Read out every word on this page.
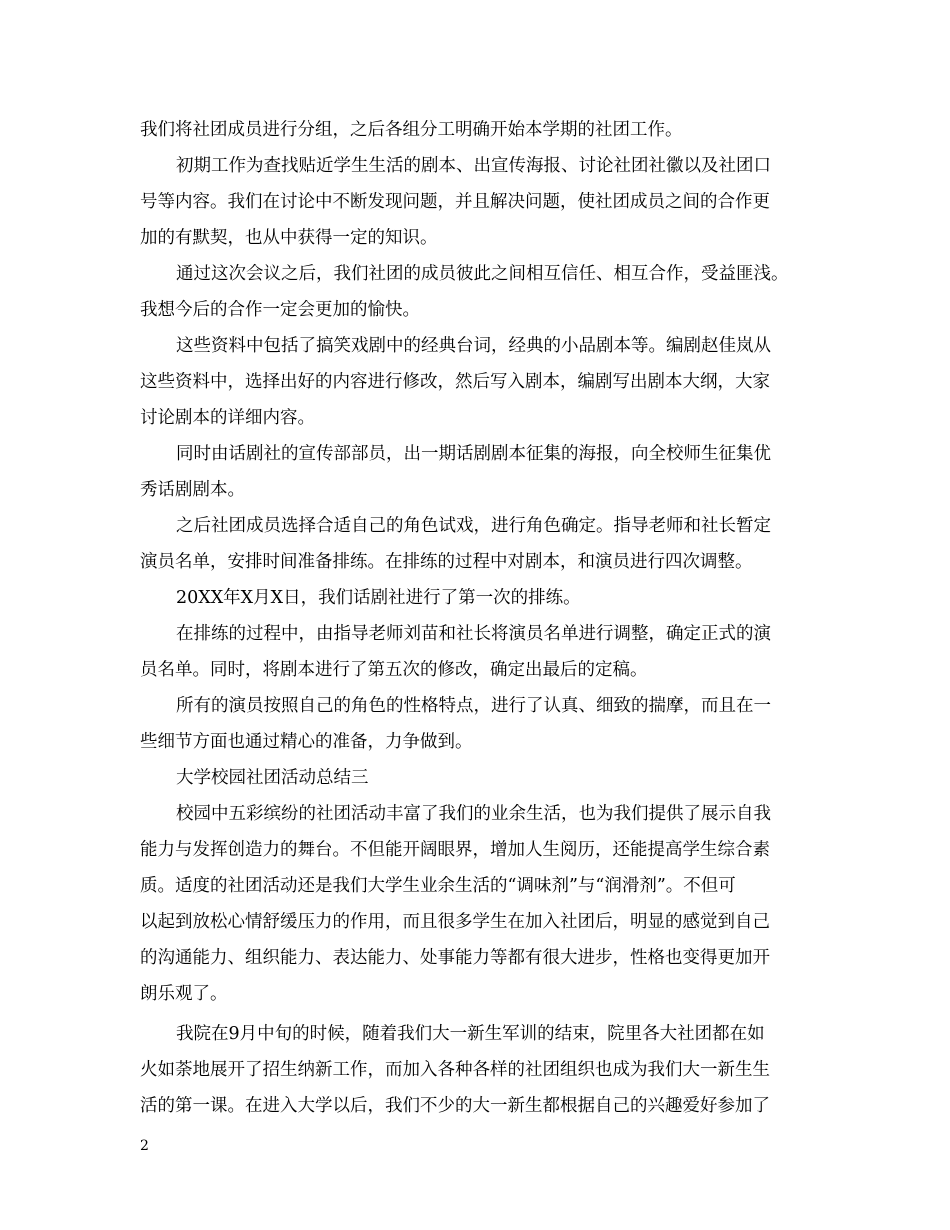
我们将社团成员进行分组，之后各组分工明确开始本学期的社团工作。
初期工作为查找贴近学生生活的剧本、出宣传海报、讨论社团社徽以及社团口
号等内容。我们在讨论中不断发现问题，并且解决问题，使社团成员之间的合作更
加的有默契，也从中获得一定的知识。
通过这次会议之后，我们社团的成员彼此之间相互信任、相互合作，受益匪浅。
我想今后的合作一定会更加的愉快。
这些资料中包括了搞笑戏剧中的经典台词，经典的小品剧本等。编剧赵佳岚从
这些资料中，选择出好的内容进行修改，然后写入剧本，编剧写出剧本大纲，大家
讨论剧本的详细内容。
同时由话剧社的宣传部部员，出一期话剧剧本征集的海报，向全校师生征集优
秀话剧剧本。
之后社团成员选择合适自己的角色试戏，进行角色确定。指导老师和社长暂定
演员名单，安排时间准备排练。在排练的过程中对剧本，和演员进行四次调整。
20XX年X月X日，我们话剧社进行了第一次的排练。
在排练的过程中，由指导老师刘苗和社长将演员名单进行调整，确定正式的演
员名单。同时，将剧本进行了第五次的修改，确定出最后的定稿。
所有的演员按照自己的角色的性格特点，进行了认真、细致的揣摩，而且在一
些细节方面也通过精心的准备，力争做到。
大学校园社团活动总结三
校园中五彩缤纷的社团活动丰富了我们的业余生活，也为我们提供了展示自我
能力与发挥创造力的舞台。不但能开阔眼界，增加人生阅历，还能提高学生综合素
质。适度的社团活动还是我们大学生业余生活的“调味剂”与“润滑剂”。不但可
以起到放松心情舒缓压力的作用，而且很多学生在加入社团后，明显的感觉到自己
的沟通能力、组织能力、表达能力、处事能力等都有很大进步，性格也变得更加开
朗乐观了。
我院在9月中旬的时候，随着我们大一新生军训的结束，院里各大社团都在如
火如荼地展开了招生纳新工作，而加入各种各样的社团组织也成为我们大一新生生
活的第一课。在进入大学以后，我们不少的大一新生都根据自己的兴趣爱好参加了
2
